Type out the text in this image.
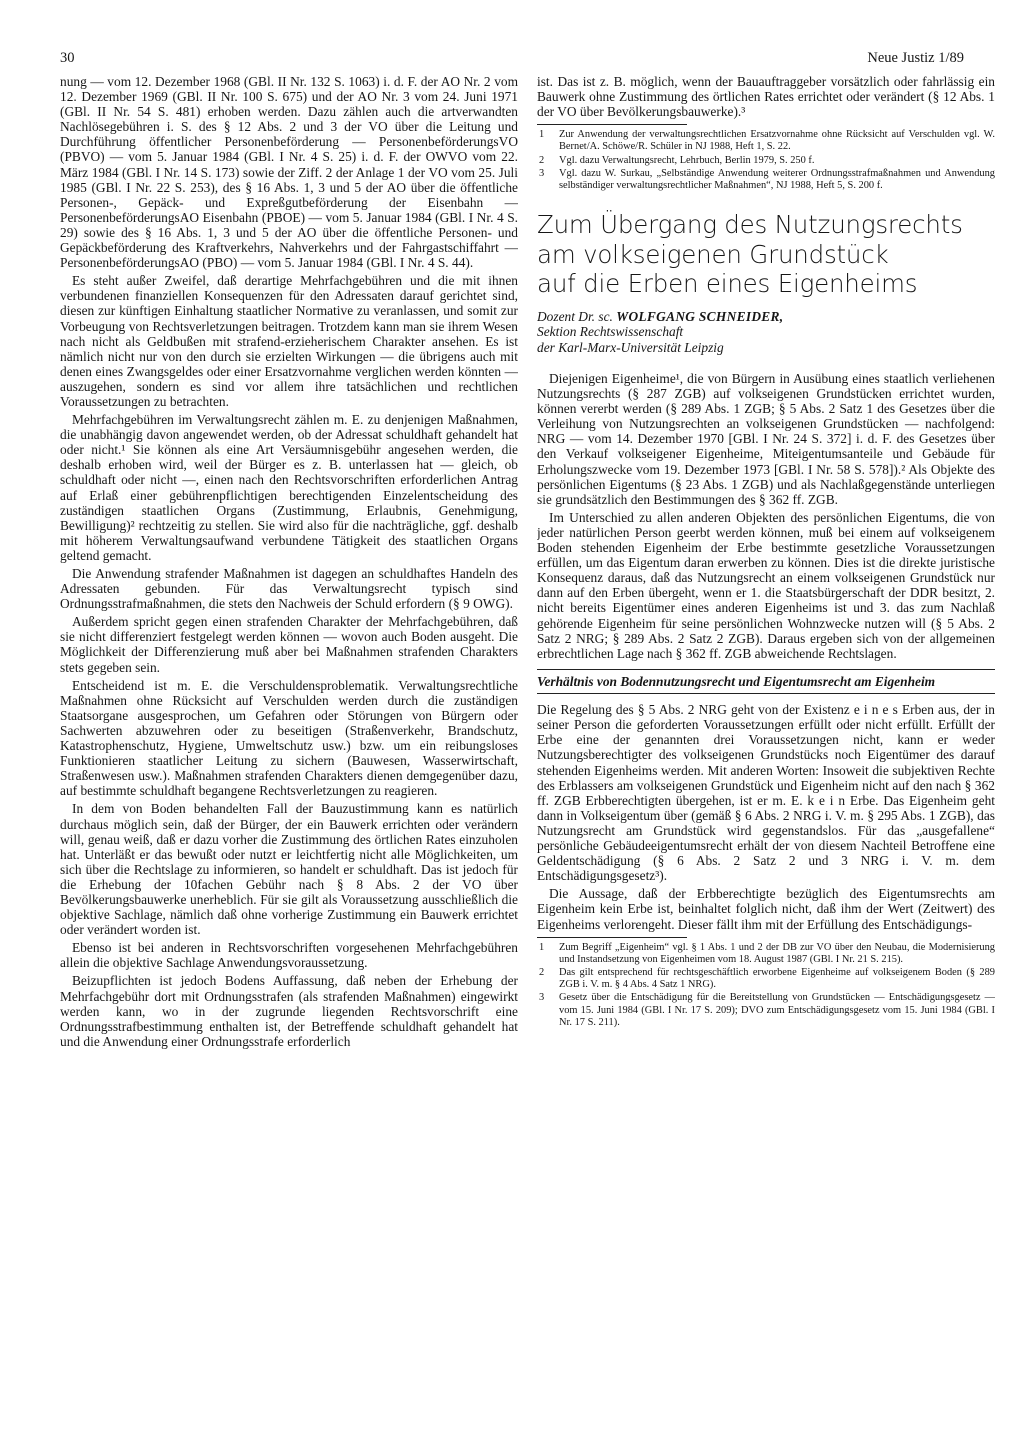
30	Neue Justiz 1/89

nung — vom 12. Dezember 1968 (GBl. II Nr. 132 S. 1063) i. d. F. der AO Nr. 2 vom 12. Dezember 1969 (GBl. II Nr. 100 S. 675) und der AO Nr. 3 vom 24. Juni 1971 (GBl. II Nr. 54 S. 481) erhoben werden. Dazu zählen auch die artverwandten Nachlösegebühren i. S. des § 12 Abs. 2 und 3 der VO über die Leitung und Durchführung öffentlicher Personenbeförderung — PersonenbeförderungsVO (PBVO) — vom 5. Januar 1984 (GBl. I Nr. 4 S. 25) i. d. F. der OWVO vom 22. März 1984 (GBl. I Nr. 14 S. 173) sowie der Ziff. 2 der Anlage 1 der VO vom 25. Juli 1985 (GBl. I Nr. 22 S. 253), des § 16 Abs. 1, 3 und 5 der AO über die öffentliche Personen-, Gepäck- und Expreßgutbeförderung der Eisenbahn — PersonenbeförderungsAO Eisenbahn (PBOE) — vom 5. Januar 1984 (GBl. I Nr. 4 S. 29) sowie des § 16 Abs. 1, 3 und 5 der AO über die öffentliche Personen- und Gepäckbeförderung des Kraftverkehrs, Nahverkehrs und der Fahrgastschiffahrt — PersonenbeförderungsAO (PBO) — vom 5. Januar 1984 (GBl. I Nr. 4 S. 44).

Es steht außer Zweifel, daß derartige Mehrfachgebühren und die mit ihnen verbundenen finanziellen Konsequenzen für den Adressaten darauf gerichtet sind, diesen zur künftigen Einhaltung staatlicher Normative zu veranlassen, und somit zur Vorbeugung von Rechtsverletzungen beitragen. Trotzdem kann man sie ihrem Wesen nach nicht als Geldbußen mit strafend-erzieherischem Charakter ansehen. Es ist nämlich nicht nur von den durch sie erzielten Wirkungen — die übrigens auch mit denen eines Zwangsgeldes oder einer Ersatzvornahme verglichen werden könnten — auszugehen, sondern es sind vor allem ihre tatsächlichen und rechtlichen Voraussetzungen zu betrachten.

Mehrfachgebühren im Verwaltungsrecht zählen m. E. zu denjenigen Maßnahmen, die unabhängig davon angewendet werden, ob der Adressat schuldhaft gehandelt hat oder nicht.¹ Sie können als eine Art Versäumnisgebühr angesehen werden, die deshalb erhoben wird, weil der Bürger es z. B. unterlassen hat — gleich, ob schuldhaft oder nicht —, einen nach den Rechtsvorschriften erforderlichen Antrag auf Erlaß einer gebührenpflichtigen berechtigenden Einzelentscheidung des zuständigen staatlichen Organs (Zustimmung, Erlaubnis, Genehmigung, Bewilligung)² rechtzeitig zu stellen. Sie wird also für die nachträgliche, ggf. deshalb mit höherem Verwaltungsaufwand verbundene Tätigkeit des staatlichen Organs geltend gemacht.

Die Anwendung strafender Maßnahmen ist dagegen an schuldhaftes Handeln des Adressaten gebunden. Für das Verwaltungsrecht typisch sind Ordnungsstrafmaßnahmen, die stets den Nachweis der Schuld erfordern (§ 9 OWG).

Außerdem spricht gegen einen strafenden Charakter der Mehrfachgebühren, daß sie nicht differenziert festgelegt werden können — wovon auch Boden ausgeht. Die Möglichkeit der Differenzierung muß aber bei Maßnahmen strafenden Charakters stets gegeben sein.

Entscheidend ist m. E. die Verschuldensproblematik. Verwaltungsrechtliche Maßnahmen ohne Rücksicht auf Verschulden werden durch die zuständigen Staatsorgane ausgesprochen, um Gefahren oder Störungen von Bürgern oder Sachwerten abzuwehren oder zu beseitigen (Straßenverkehr, Brandschutz, Katastrophenschutz, Hygiene, Umweltschutz usw.) bzw. um ein reibungsloses Funktionieren staatlicher Leitung zu sichern (Bauwesen, Wasserwirtschaft, Straßenwesen usw.). Maßnahmen strafenden Charakters dienen demgegenüber dazu, auf bestimmte schuldhaft begangene Rechtsverletzungen zu reagieren.

In dem von Boden behandelten Fall der Bauzustimmung kann es natürlich durchaus möglich sein, daß der Bürger, der ein Bauwerk errichten oder verändern will, genau weiß, daß er dazu vorher die Zustimmung des örtlichen Rates einzuholen hat. Unterläßt er das bewußt oder nutzt er leichtfertig nicht alle Möglichkeiten, um sich über die Rechtslage zu informieren, so handelt er schuldhaft. Das ist jedoch für die Erhebung der 10fachen Gebühr nach § 8 Abs. 2 der VO über Bevölkerungsbauwerke unerheblich. Für sie gilt als Voraussetzung ausschließlich die objektive Sachlage, nämlich daß ohne vorherige Zustimmung ein Bauwerk errichtet oder verändert worden ist.

Ebenso ist bei anderen in Rechtsvorschriften vorgesehenen Mehrfachgebühren allein die objektive Sachlage Anwendungsvoraussetzung.

Beizupflichten ist jedoch Bodens Auffassung, daß neben der Erhebung der Mehrfachgebühr dort mit Ordnungsstrafen (als strafenden Maßnahmen) eingewirkt werden kann, wo in der zugrunde liegenden Rechtsvorschrift eine Ordnungsstrafbestimmung enthalten ist, der Betreffende schuldhaft gehandelt hat und die Anwendung einer Ordnungsstrafe erforderlich

ist. Das ist z. B. möglich, wenn der Bauauftraggeber vorsätzlich oder fahrlässig ein Bauwerk ohne Zustimmung des örtlichen Rates errichtet oder verändert (§ 12 Abs. 1 der VO über Bevölkerungsbauwerke).³

1	Zur Anwendung der verwaltungsrechtlichen Ersatzvornahme ohne Rücksicht auf Verschulden vgl. W. Bernet/A. Schöwe/R. Schüler in NJ 1988, Heft 1, S. 22.
2	Vgl. dazu Verwaltungsrecht, Lehrbuch, Berlin 1979, S. 250 f.
3	Vgl. dazu W. Surkau, „Selbständige Anwendung weiterer Ordnungsstrafmaßnahmen und Anwendung selbständiger verwaltungsrechtlicher Maßnahmen“, NJ 1988, Heft 5, S. 200 f.
Zum Übergang des Nutzungsrechts
am volkseigenen Grundstück
auf die Erben eines Eigenheims
Dozent Dr. sc. WOLFGANG SCHNEIDER,
Sektion Rechtswissenschaft
der Karl-Marx-Universität Leipzig

Diejenigen Eigenheime¹, die von Bürgern in Ausübung eines staatlich verliehenen Nutzungsrechts (§ 287 ZGB) auf volkseigenen Grundstücken errichtet wurden, können vererbt werden (§ 289 Abs. 1 ZGB; § 5 Abs. 2 Satz 1 des Gesetzes über die Verleihung von Nutzungsrechten an volkseigenen Grundstücken — nachfolgend: NRG — vom 14. Dezember 1970 [GBl. I Nr. 24 S. 372] i. d. F. des Gesetzes über den Verkauf volkseigener Eigenheime, Miteigentumsanteile und Gebäude für Erholungszwecke vom 19. Dezember 1973 [GBl. I Nr. 58 S. 578]).² Als Objekte des persönlichen Eigentums (§ 23 Abs. 1 ZGB) und als Nachlaßgegenstände unterliegen sie grundsätzlich den Bestimmungen des § 362 ff. ZGB.

Im Unterschied zu allen anderen Objekten des persönlichen Eigentums, die von jeder natürlichen Person geerbt werden können, muß bei einem auf volkseigenem Boden stehenden Eigenheim der Erbe bestimmte gesetzliche Voraussetzungen erfüllen, um das Eigentum daran erwerben zu können. Dies ist die direkte juristische Konsequenz daraus, daß das Nutzungsrecht an einem volkseigenen Grundstück nur dann auf den Erben übergeht, wenn er 1. die Staatsbürgerschaft der DDR besitzt, 2. nicht bereits Eigentümer eines anderen Eigenheims ist und 3. das zum Nachlaß gehörende Eigenheim für seine persönlichen Wohnzwecke nutzen will (§ 5 Abs. 2 Satz 2 NRG; § 289 Abs. 2 Satz 2 ZGB). Daraus ergeben sich von der allgemeinen erbrechtlichen Lage nach § 362 ff. ZGB abweichende Rechtslagen.

Verhältnis von Bodennutzungsrecht und Eigentumsrecht am Eigenheim

Die Regelung des § 5 Abs. 2 NRG geht von der Existenz e i n e s Erben aus, der in seiner Person die geforderten Voraussetzungen erfüllt oder nicht erfüllt. Erfüllt der Erbe eine der genannten drei Voraussetzungen nicht, kann er weder Nutzungsberechtigter des volkseigenen Grundstücks noch Eigentümer des darauf stehenden Eigenheims werden. Mit anderen Worten: Insoweit die subjektiven Rechte des Erblassers am volkseigenen Grundstück und Eigenheim nicht auf den nach § 362 ff. ZGB Erbberechtigten übergehen, ist er m. E. k e i n Erbe. Das Eigenheim geht dann in Volkseigentum über (gemäß § 6 Abs. 2 NRG i. V. m. § 295 Abs. 1 ZGB), das Nutzungsrecht am Grundstück wird gegenstandslos. Für das „ausgefallene“ persönliche Gebäudeeigentumsrecht erhält der von diesem Nachteil Betroffene eine Geldentschädigung (§ 6 Abs. 2 Satz 2 und 3 NRG i. V. m. dem Entschädigungsgesetz³).

Die Aussage, daß der Erbberechtigte bezüglich des Eigentumsrechts am Eigenheim kein Erbe ist, beinhaltet folglich nicht, daß ihm der Wert (Zeitwert) des Eigenheims verlorengeht. Dieser fällt ihm mit der Erfüllung des Entschädigungs-

1	Zum Begriff „Eigenheim“ vgl. § 1 Abs. 1 und 2 der DB zur VO über den Neubau, die Modernisierung und Instandsetzung von Eigenheimen vom 18. August 1987 (GBl. I Nr. 21 S. 215).
2	Das gilt entsprechend für rechtsgeschäftlich erworbene Eigenheime auf volkseigenem Boden (§ 289 ZGB i. V. m. § 4 Abs. 4 Satz 1 NRG).
3	Gesetz über die Entschädigung für die Bereitstellung von Grundstücken — Entschädigungsgesetz — vom 15. Juni 1984 (GBl. I Nr. 17 S. 209); DVO zum Entschädigungsgesetz vom 15. Juni 1984 (GBl. I Nr. 17 S. 211).
